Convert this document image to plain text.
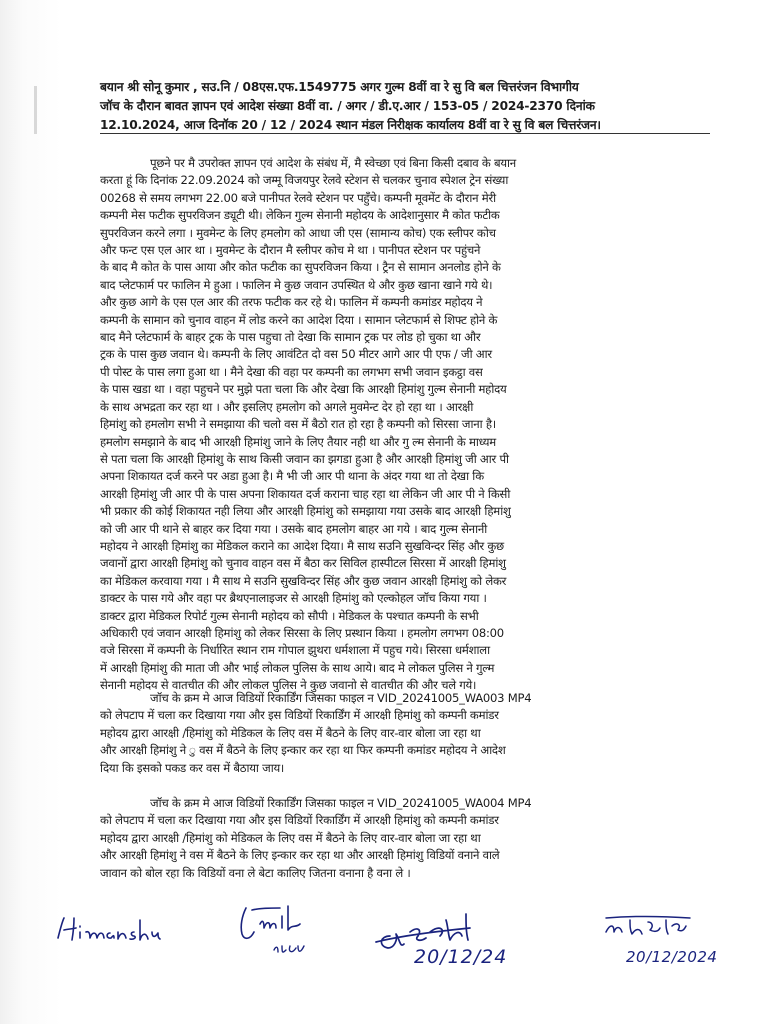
बयान श्री सोनू कुमार , सउ.नि / 08एस.एफ.1549775 अगर गुल्म 8वीं वा रे सु वि बल चित्तरंजन विभागीय
जॉच के दौरान बावत ज्ञापन एवं आदेश संख्या 8वीं वा. / अगर / डी.ए.आर / 153-05 / 2024-2370 दिनांक
12.10.2024, आज दिनॉक 20 / 12 / 2024 स्थान मंडल निरीक्षक कार्यालय 8वीं वा रे सु वि बल चित्तरंजन।

पूछने पर मै उपरोक्त ज्ञापन एवं आदेश के संबंध में, मै स्वेच्छा एवं बिना किसी दबाव के बयान
करता हूं कि दिनांक 22.09.2024 को जम्मू विजयपुर रेलवे स्टेशन से चलकर चुनाव स्पेशल ट्रेन संख्या
00268 से समय लगभग 22.00 बजे पानीपत रेलवे स्टेशन पर पहुँचे। कम्पनी मूवमेंट के दौरान मेरी
कम्पनी मेस फटीक सुपरविजन ड्यूटी थी। लेकिन गुल्म सेनानी महोदय के आदेशानुसार मै कोत फटीक
सुपरविजन करने लगा । मुवमेन्ट के लिए हमलोग को आधा जी एस (सामान्य कोच) एक स्लीपर कोच
और फन्ट एस एल आर था । मुवमेन्ट के दौरान मै स्लीपर कोच मे था । पानीपत स्टेशन पर पहुंचने
के बाद मै कोत के पास आया और कोत फटीक का सुपरविजन किया । ट्रैन से सामान अनलोड होने के
बाद प्लेटफार्म पर फालिन मे हुआ । फालिन मे कुछ जवान उपस्थित थे और कुछ खाना खाने गये थे।
और कुछ आगे के एस एल आर की तरफ फटीक कर रहे थे। फालिन में कम्पनी कमांडर महोदय ने
कम्पनी के सामान को चुनाव वाहन में लोड करने का आदेश दिया । सामान प्लेटफार्म से शिफ्ट होने के
बाद मैने प्लेटफार्म के बाहर ट्रक के पास पहुचा तो देखा कि सामान ट्रक पर लोड हो चुका था और
ट्रक के पास कुछ जवान थे। कम्पनी के लिए आवंटित दो वस 50 मीटर आगे आर पी एफ / जी आर
पी पोस्ट के पास लगा हुआ था । मैने देखा की वहा पर कम्पनी का लगभग सभी जवान इकट्ठा वस
के पास खडा था । वहा पहुचने पर मुझे पता चला कि और देखा कि आरक्षी हिमांशु गुल्म सेनानी महोदय
के साथ अभद्रता कर रहा था । और इसलिए हमलोग को अगले मुवमेन्ट देर हो रहा था । आरक्षी
हिमांशु को हमलोग सभी ने समझाया की चलो वस में बैठो रात हो रहा है कम्पनी को सिरसा जाना है।
हमलोग समझाने के बाद भी आरक्षी हिमांशु जाने के लिए तैयार नही था और गु ल्म सेनानी के माध्यम
से पता चला कि आरक्षी हिमांशु के साथ किसी जवान का झगडा हुआ है और आरक्षी हिमांशु जी आर पी
अपना शिकायत दर्ज करने पर अडा हुआ है। मै भी जी आर पी थाना के अंदर गया था तो देखा कि
आरक्षी हिमांशु जी आर पी के पास अपना शिकायत दर्ज कराना चाह रहा था लेकिन जी आर पी ने किसी
भी प्रकार की कोई शिकायत नही लिया और आरक्षी हिमांशु को समझाया गया उसके बाद आरक्षी हिमांशु
को जी आर पी थाने से बाहर कर दिया गया । उसके बाद हमलोग बाहर आ गये । बाद गुल्म सेनानी
महोदय ने आरक्षी हिमांशु का मेडिकल कराने का आदेश दिया। मै साथ सउनि सुखविन्दर सिंह और कुछ
जवानों द्वारा आरक्षी हिमांशु को चुनाव वाहन वस में बैठा कर सिविल हास्पीटल सिरसा में आरक्षी हिमांशु
का मेडिकल करवाया गया । मै साथ मे सउनि सुखविन्दर सिंह और कुछ जवान आरक्षी हिमांशु को लेकर
डाक्टर के पास गये और वहा पर ब्रैथएनालाइजर से आरक्षी हिमांशु को एल्कोहल जॉच किया गया ।
डाक्टर द्वारा मेडिकल रिपोर्ट गुल्म सेनानी महोदय को सौपी । मेडिकल के पश्चात कम्पनी के सभी
अधिकारी एवं जवान आरक्षी हिमांशु को लेकर सिरसा के लिए प्रस्थान किया । हमलोग लगभग 08:00
वजे सिरसा में कम्पनी के निर्धारित स्थान राम गोपाल झुथरा धर्मशाला में पहुच गये। सिरसा धर्मशाला
में आरक्षी हिमांशु की माता जी और भाई लोकल पुलिस के साथ आये। बाद मे लोकल पुलिस ने गुल्म
सेनानी महोदय से वातचीत की और लोकल पुलिस ने कुछ जवानो से वातचीत की और चले गये।

जॉच के क्रम मे आज विडियों रिकार्डिंग जिसका फाइल न VID_20241005_WA003 MP4
को लेपटाप में चला कर दिखाया गया और इस विडियों रिकार्डिंग में आरक्षी हिमांशु को कम्पनी कमांडर
महोदय द्वारा आरक्षी /हिमांशु को मेडिकल के लिए वस में बैठने के लिए वार-वार बोला जा रहा था
और आरक्षी हिमांशु ने ु वस में बैठने के लिए इन्कार कर रहा था फिर कम्पनी कमांडर महोदय ने आदेश
दिया कि इसको पकड कर वस में बैठाया जाय।

जॉच के क्रम मे आज विडियों रिकार्डिंग जिसका फाइल न VID_20241005_WA004 MP4
को लेपटाप में चला कर दिखाया गया और इस विडियों रिकार्डिंग में आरक्षी हिमांशु को कम्पनी कमांडर
महोदय द्वारा आरक्षी /हिमांशु को मेडिकल के लिए वस में बैठने के लिए वार-वार बोला जा रहा था
और आरक्षी हिमांशु ने वस में बैठने के लिए इन्कार कर रहा था और आरक्षी हिमांशु विडियों वनाने वाले
जावान को बोल रहा कि विडियों वना ले बेटा कालिए जितना वनाना है वना ले ।

20/12/24	20/12/2024
